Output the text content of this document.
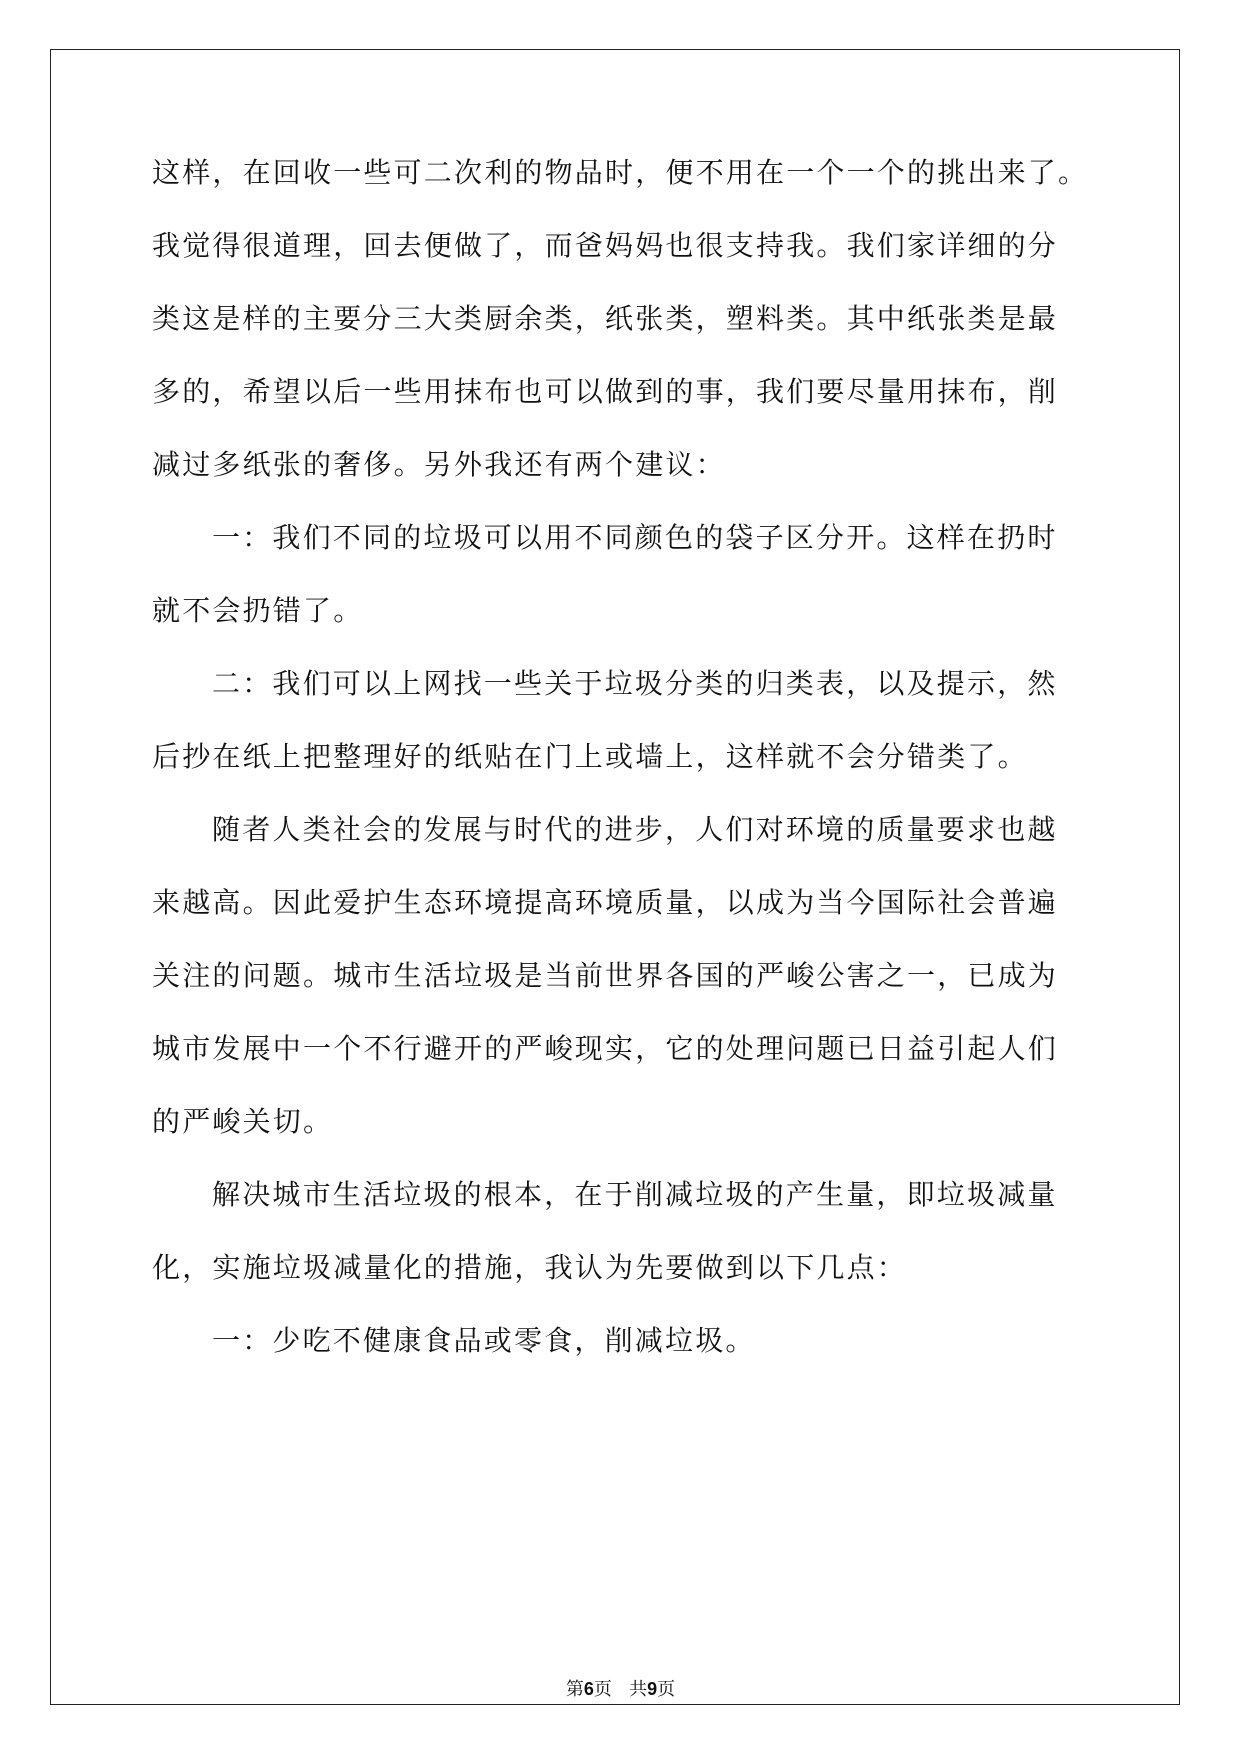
这样，在回收一些可二次利的物品时，便不用在一个一个的挑出来了。
我觉得很道理，回去便做了，而爸妈妈也很支持我。我们家详细的分
类这是样的主要分三大类厨余类，纸张类，塑料类。其中纸张类是最
多的，希望以后一些用抹布也可以做到的事，我们要尽量用抹布，削
减过多纸张的奢侈。另外我还有两个建议：
一：我们不同的垃圾可以用不同颜色的袋子区分开。这样在扔时
就不会扔错了。
二：我们可以上网找一些关于垃圾分类的归类表，以及提示，然
后抄在纸上把整理好的纸贴在门上或墙上，这样就不会分错类了。
随者人类社会的发展与时代的进步，人们对环境的质量要求也越
来越高。因此爱护生态环境提高环境质量，以成为当今国际社会普遍
关注的问题。城市生活垃圾是当前世界各国的严峻公害之一，已成为
城市发展中一个不行避开的严峻现实，它的处理问题已日益引起人们
的严峻关切。
解决城市生活垃圾的根本，在于削减垃圾的产生量，即垃圾减量
化，实施垃圾减量化的措施，我认为先要做到以下几点：
一：少吃不健康食品或零食，削减垃圾。
第6页 共9页
